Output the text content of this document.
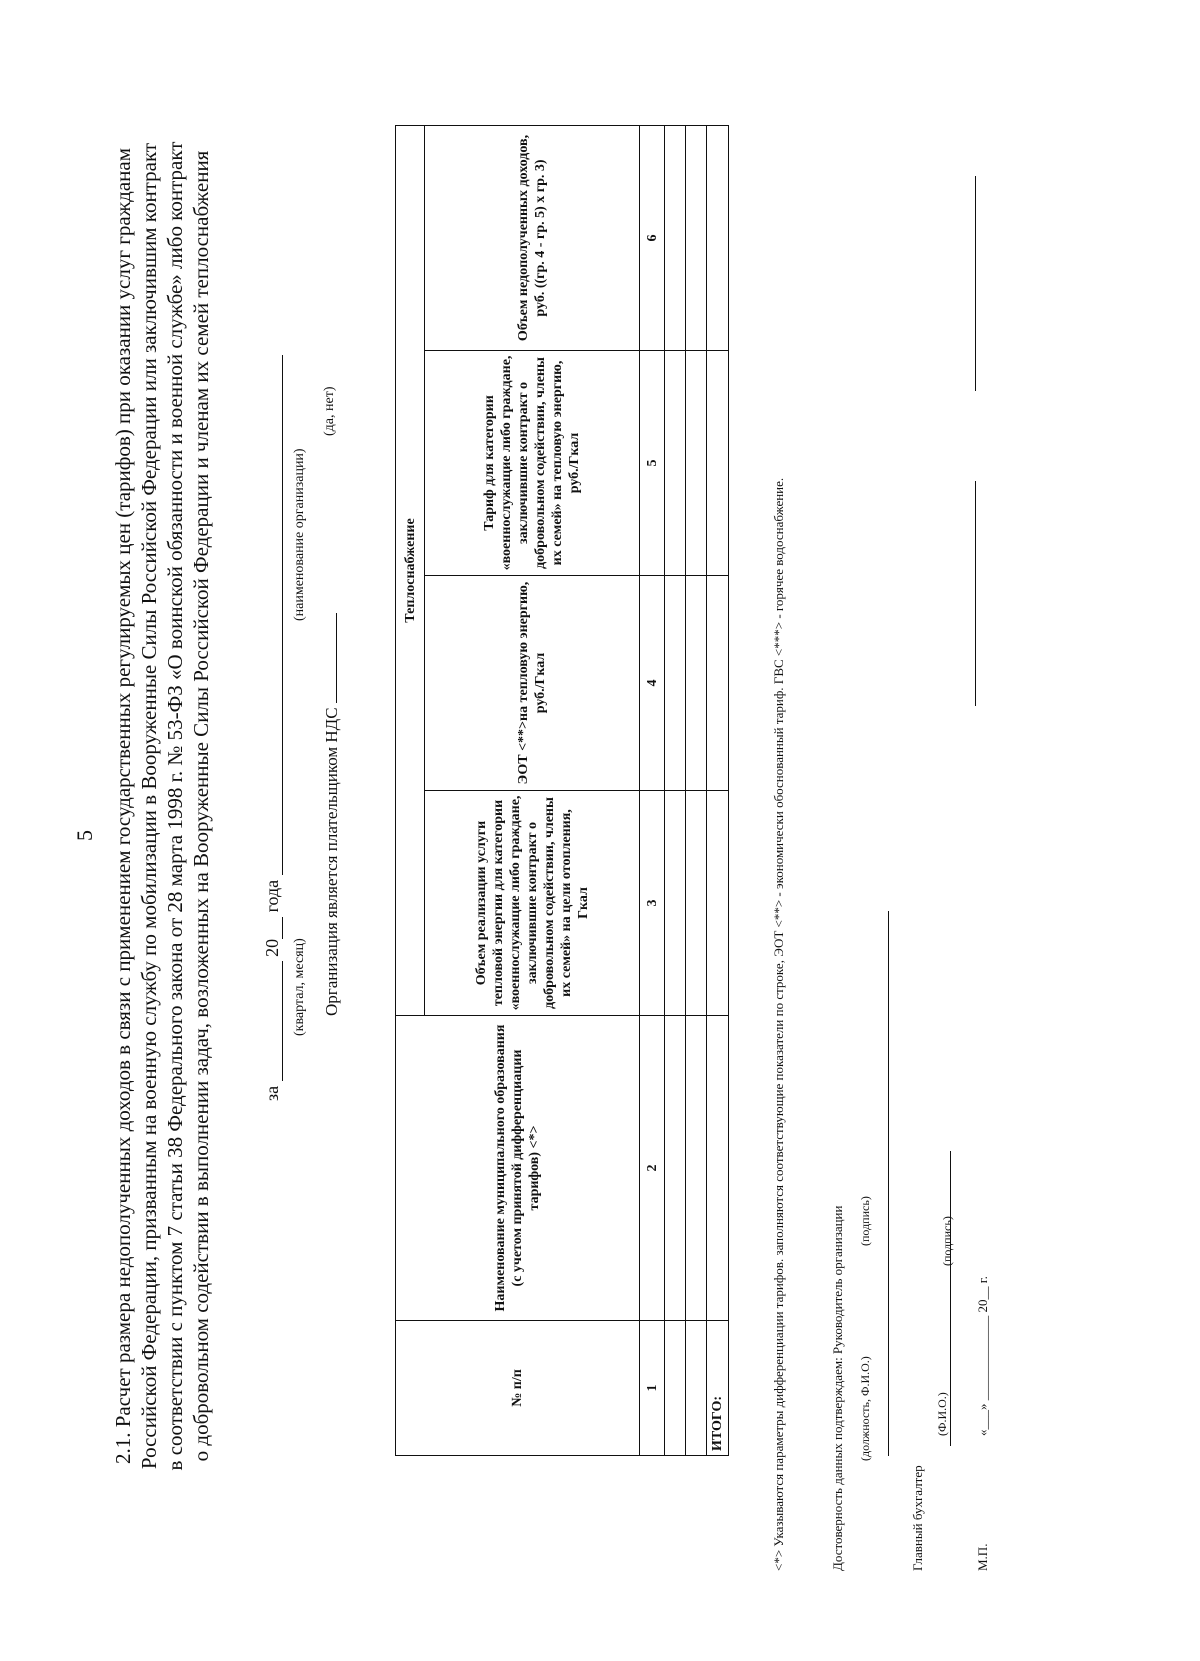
5 2.1. Расчет размера недополученных доходов в связи с применением государственных регулируемых цен (тарифов) при оказании услуг гражданам Российской Федерации, призванным на военную службу по мобилизации в Вооруженные Силы Российской Федерации или заключившим контракт в соответствии с пунктом 7 статьи 38 Федерального закона от 28 марта 1998 г. № 53-ФЗ «О воинской обязанности и военной службе» либо контракт о добровольном содействии в выполнении задач, возложенных на Вооруженные Силы Российской Федерации и членам их семей теплоснабжения	за  20 года
(квартал, месяц)
(наименование организации)
Организация является плательщиком НДС
(да, нет)
№ п/п	Наименование муниципального образования (с учетом принятой дифференциации тарифов) <*>	Теплоснабжение			
		Объем реализации услуги тепловой энергии для категории «военнослужащие либо граждане, заключившие контракт о добровольном содействии, члены их семей» на цели отопления, Гкал	ЭОТ <**>на тепловую энергию, руб./Гкал	Тариф для категории «военнослужащие либо граждане, заключившие контракт о добровольном содействии, члены их семей» на тепловую энергию, руб./Гкал	Объем недополученных доходов, руб. ((гр. 4 - гр. 5) х гр. 3)
1	2	3	4	5	6

ИТОГО:						<*> Указываются параметры дифференциации тарифов. заполняются соответствующие показатели по строке, ЭОТ <**> - экономически обоснованный тариф. ГВС <***> - горячее водоснабжение.	Достоверность данных подтверждаем: Руководитель организации (должность, Ф.И.О.)
(подпись)
Главный бухгалтер
(Ф.И.О.)
(подпись)
М.П.
«___» _____________ 20__ г.
